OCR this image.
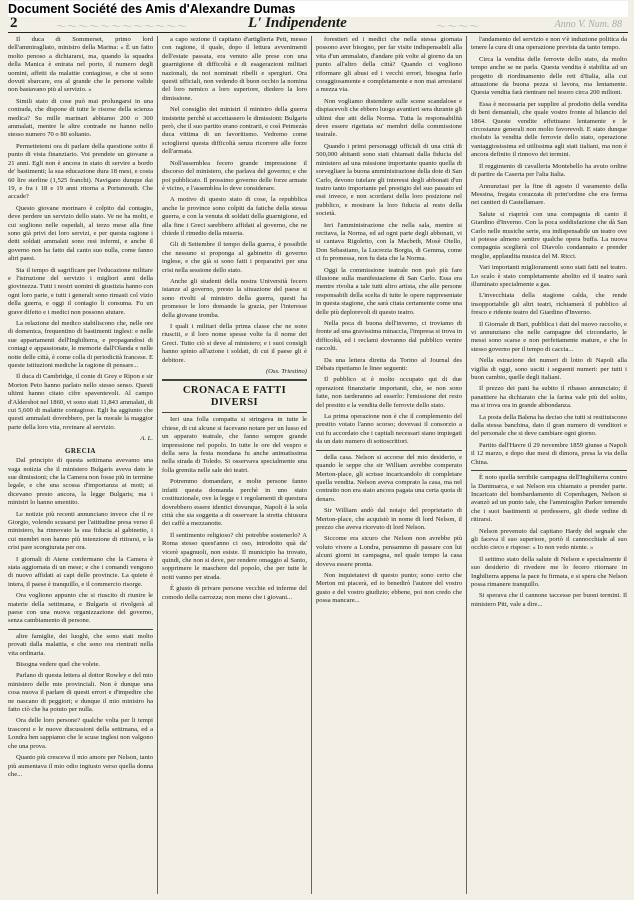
Document Société des Amis d'Alexandre Dumas
2	〜〜〜〜〜〜〜〜〜〜〜〜	L' Indipendente	〜〜〜〜	Anno V. Num. 88

Il duca di Sommerset, primo lord dell'ammiragliato, ministro della Marina: « È un fatto molto penoso a dichiararsi, ma, quando la squadra della Manica è entrata nel porto, il numero degli uomini, affetti da malattie contagiose, e che si sono dovuti sbarcare, era al grande che le persone valide non bastavano più al servizio. »

Simili stato di cose può mai prolungarsi in una contrada, che dispone di tutte le risorse della scienza medica? Su mille marinari abbiamo 200 o 300 ammalati, mentre le altre contrade ne hanno nello stesso numero 70 o 80 soltanto.

Permettetemi ora di parlare della questione sotto il punto di vista finanziario. Voi prendete un giovane a 21 anni. Egli non è ancora in stato di servire a bordo de' bastimenti; la sua educazione dura 18 mesi, e costa 60 lire sterline (1,525 franchi). Navigano dunque dai 19, e fra i 18 e 19 anni ritorna a Portsmouth. Che accade?

Questo giovane morinaro è colpito dal contagio, deve perdere un servizio dello stato. Ve ne ha molti, e cui sogliono nelle ospedali, al terzo mese alla fine sono già privi dei loro servizi, e per questa ragione i detti soldati ammalati sono resi infermi, e anche il governo non ha fatto dal canto suo nulla, come fanno altri paesi.

Sta il tempo di sagrificare per l'educazione militare e l'istruzione del servizio i migliori anni della giovinezza. Tutti i nostri uomini di giustizia hanno con ogni loro parte, e tutti i generali sono rimasti col vizio della guerra, e oggi il contagio li consuma. Fu un grave difetto e i medici non possono aiutare.

La relazione del medico stabiliscono che, nelle ore di domenica, frequentino di bastimenti inglesi: e nelle sue appartamenti dell'Inghilterra, e propagandosi di contagi e appassionate, le memorie dall'Olanda e nelle notte delle città, è come colla di periodicità francese. E queste istituzioni mediche la ragione di pensare...

Il duca di Cambridge, il conte di Grey e Ripon e sir Morton Peto hanno parlato nello stesso senso. Questi ultimi hanno citato cifre spaventevoli. Al campo d'Aldershot nel 1860, vi sono stati 11,843 ammalati, di cui 5,600 di malattie contagiose. Egli ha aggiunto che questi ammalati dovrebbero, per la morale la maggior parte della loro vita, rovinare al servizio.

A. L.
GRECIA

Dal principio di questa settimana avevamo una vaga notizia che il ministero Bulgaris aveva dato le sue dimissioni; che la Camera non fosse più in termine legale, e che una scossa d'importanza ai moti; si dicevano presto ancora, la legge Bulgaris; ma i ministri lo hanno smentito.

Le notizie più recenti annunciano invece che il re Giorgio, volendo scusarsi per l'attitudine presa verso il ministero, ha rinnovato la sua fiducia al gabinetto, i cui membri non hanno più intenzione di ritirarsi, e la crisi pare scongiurata per ora.

I giornali di Atene confermano che la Camera è stata aggiornata di un mese; e che i comandi vengono di nuovo affidati ai capi delle provincie. La quiete è intera, il paese è tranquillo, e il commercio risorge.

Ora vogliono appunto che si riuscito di riunire le materie della settimana, e Bulgaris si rivolgerà al paese con una nuova organizzazione del governo, senza cambiamento di persone.

altre famiglie, dei luoghi, che sono stati molto provati dalla malattia, e che sono ora rientrati nella vita ordinaria.

Bisogna vedere quel che volete.

Parlano di questa lettera al dottor Rowley e del mio ministero delle mie provinciali. Non è dunque una cosa nuova il parlare di questi errori e d'impedire che ne nascano di peggiori; e dunque il mio ministro ha fatto ciò che ha potuto per nulla.

Ora delle loro persone? qualche volta per li tempi trascorsi e le nuove discussioni della settimana, ed a Londra ben sappiamo che le scuse inglesi non valgono che una prova.

Quanto più cresceva il mio amore per Nelson, tanto più aumentava il mio odio ingiusto verso quella donna che...

a capo sezione il capitano d'artiglieria Pett, messo con ragione, il quale, dopo il lettura avvenimenti dell'estate passata, era venuto alle prese con una guarnigione di difficoltà e di esagerazioni militari nazionali, da noi nominati ribelli e spergiuri. Ora questi ufficiali, non vedendo di buon occhio la nomina del loro nemico a loro superiore, diedero la loro dimissione.

Nel consiglio dei ministri il ministro della guerra insistette perchè si accettassero le dimissioni: Bulgaris però, che il suo partito erano contrarii, e così Petmezàs duca vittima di un favoritismo. Vedremo come sciogliersi questa difficoltà senza ricorrere alle forze dell'armata.

Noll'assemblea fecero grande impressione il discorso del ministero, che parlava del governo; e che poi pubblicato. Il prossimo governo delle forze armate è vicino, e l'assemblea lo deve considerare.

A motivo di questo stato di cose, la repubblica anche le province sono colpiti da fatiche della stessa guerra, e con la venuta di soldati della guarnigione, ed alla fine i Greci sarebbero affidati al governo, che ne chiede il rimedio della miseria.

Gli di Settembre il tempo della guerra, è possibile che nessuno si proponga al gabinetto di governo inglese, e che già si sono fatti i preparativi per una crisi nella sessione dello stato.

Anche gli studenti della nostra Università fecero istanze al governo, presto la situazione del paese si sono rivolti al ministro della guerra, questi ha promesso le loro domande la grazia, per l'interesse della giovane tromba.

I quali i militari della prima classe che ne sono riusciti, e il loro nome spesse volte fa il nome dei Greci. Tutto ciò si deve al ministero; e i suoi consigli hanno spinto all'azione i soldati, di cui il paese gli è debitore.

(Oss. Triestino)
CRONACA E FATTI DIVERSI

Ieri una folla compatta si stringeva in tutte le chiese, di cui alcune si facevano notare per un lusso ed un apparato teatrale, che fanno sempre grande impressione nel popolo. In tutte le ore del vespro e della sera la festa mondana fu anche animatissima nella strada di Toledo. Si osservava specialmente una folla gremita nelle sale dei teatri.

Potremmo domandare, e molte persone fanno infatti questa domanda perchè in uno stato costituzionale, ove la legge e i regolamenti di questura dovrebbero essere identici dovunque, Napoli è la sola città che sia soggetta a di osservare la stretta chiusura dei caffè a mezzanotte.

Il sentimento religioso? chi potrebbe sostenerlo? A Roma stesso quest'anno ci oso, introdotto quà da' vicerè spagnuoli, non esiste. Il municipio ha trovato, quindi, che non si deve, per rendere omaggio al Santo, sopprimere le maschere del popolo, che per tutte le notti vanno per strada.

È giusto di privare persone vecchie ed inferme del comodo della carrozza; non meno che i giovani...

forestieri ed i medici che nella stessa giornata possono aver bisogno, per far visite indispensabili alla vita d'un ammalato, d'andare più volte al giorno da un punto all'altro della città? Quando ci vogliono riformare gli abusi ed i vecchi errori, bisogna farlo coraggiosamente e completamente e non mai arrestarsi a mezza via.

Non vogliamo distendere sulle scene scandalose e dispiacevoli che ebbero luogo avantieri sera durante gli ultimi due atti della Norma. Tutta la responsabilità deve essere rigettata su' membri della commissione teatrale.

Quando i primi personaggi ufficiali di una città di 500,000 abitanti sono stati chiamati dalla fiducia del ministero ad una missione importante quanto quella di sorvegliare la buona amministrazione della dote di San Carlo, devono tutelare gli interessi degli abbonati d'un teatro tanto importante pel prestigio del suo passato ed essi invece, e non scordarsi della loro posizione nel pubblico, e mostrare la loro fiducia al resto della società.

Ieri l'amministrazione che nella sala, mentre si recitava, la Norma, ed ad ogni parte degli abbonati, vi si cantava Rigoletto, con la Macbeth, Mosè Otello, Don Sebastiano, la Lucrezia Borgia, di Gemma, come ci fu promessa, non fu data che la Norma.

Oggi la commissione teatrale non può più fare illusione sulla manifestazione di San Carlo. Essa era mentre rivolta a tale tutti altro artista, che alle persone responsabili della scelta di tutte le opere rappresentate in questa stagione, che sarà citata certamente come una delle più deplorevoli di questo teatro.

Nella poca di buona dell'inverno, ci troviamo di fronte ad una gravissima minaccia, l'impresa si trova in difficoltà, ed i reclami dovranno dal pubblico venire raccolti.

Da una lettera diretta da Torino al Journal des Débats ripetiamo le linee seguenti:

Il pubblico si è molto occupato qui di due operazioni finanziarie importanti, che, se non sono fatte, non tarderanno ad esserlo: l'emissione dei resto del prestito e la vendita delle ferrovie dello stato.

La prima operazione non è che il complemento del prestito votato l'anno scorso; dovevasi il consorzio a cui fu accordato che i capitali necessari siano impiegati da un dato numero di sottoscrittori.

della casa. Nelson si accorse del mio desiderio, e quando le seppe che sir William avrebbe comperato Merton-place, gli scrisse incaricandolo di completare quella vendita. Nelson aveva comprato la casa, ma nel contratto non era stato ancora pagata una certa quota di denaro.

Sir William andò dal notajo del proprietario di Merton-place, che acquistò in nome di lord Nelson, il prezzo che aveva ricevuto di lord Nelson.

Siccome era sicuro che Nelson non avrebbe più voluto vivere a Londra, pensammo di passare con lui alcuni giorni in campagna, nel quale tempo la casa doveva essere pronta.

Non inquietatevi di questo punto; sono certo che Merton mi piacerà, ed io benedirò l'autore del vostro gusto e del vostro giudizio; ebbene, poi non credo che possa mancare...

l'andamento del servizio e non v'è induzione politica da tenere la cura di una operazione prevista da tanto tempo.

Circa la vendita delle ferrovie dello stato, da molto tempo anche se ne parla. Questa vendita è stabilita ad un progetto di riordinamento delle reti d'Italia, alla cui attuazione da buona pezza si lavora, ma lentamente. Questa vendita farà rientrare nel tesoro circa 200 milioni.

Essa è necessaria per supplire al prodotto della vendita di beni demaniali, che quale vostro fronte al bilancio del 1864. Queste vendite effettuano lentamente e le circostanze generali non molto favorevoli. E stato dunque risoluto la vendita delle ferrovie dello stato, operazione vantaggiosissima ed utilissima agli stati italiani, ma non è ancora definito il rinnovo dei termini.

Il reggimento di cavalleria Montebello ha avuto ordine di partire da Caserta per l'alta Italia.

Annunziasi per la fine di agosto il varamento della Messina, fregata corazzata di prim'ordine che era ferma nei cantieri di Castellamare.

Salute si riaprirà con una compagnia di canto il Giardino d'Inverno. Con la poca soddisfazione che dà San Carlo nelle musiche serie, era indispensabile un teatro ove si potesse almeno sentire qualche opera buffa. La nuova compagnia sceglierà col Diavolo condannato e prender moglie, applaudita musica del M. Ricci.

Vari importanti miglioramenti sono stati fatti nel teatro. Lo scalo è stato completamente abolito ed il teatro sarà illuminato specialmente a gas.

L'invecchiata della stagione calda, che rende insopportabile gli altri teatri, richiamerà il pubblico al fresco e ridente teatro del Giardino d'Inverno.

Il Giornale di Bari, pubblica i dati del nuovo raccolto, e vi annunziano che nelle campagne del circondario, le messi sono scarse e non perfettamente mature, e che lo stesso governo per il tempo di caccia...

Nella estrazione dei numeri di lotto di Napoli alla vigilia di oggi, sono usciti i seguenti numeri: per tutti i buon cambio, quelle degli italiani.

Il prezzo dei pani ha subito il ribasso annunciato; il panattiere ha dichiarato che la farina vale più del solito, ma si trova ora in grande abbondanza.

La posta della Balena ha deciso che tutti si restituiscono dalla stessa banchina, dato il gran numero di venditori e del personale che si deve cambiare ogni giorno.

Partito dall'Havre il 29 novembre 1859 giunse a Napoli il 12 marzo, e dopo due mesi di dimora, presa la via della China.

È noto quella terribile campagna dell'Inghilterra contro la Danimarca, e sai Nelson era chiamato a prender parte. Incaricato del bombardamento di Copenhagen, Nelson si avanzò ad un punto tale, che l'ammiraglio Parker temendo che i suoi bastimenti si perdessero, gli diede ordine di ritirarsi.

Nelson prevenuto dal capitano Hardy del segnale che gli faceva il suo superiore, portò il cannocchiale al suo occhio cieco e rispose: « Io non vedo niente. »

Il settimo stato della salute di Nelson e specialmente il suo desiderio di rivedere me lo fecero ritornare in Inghilterra appena la pace fu firmata, e si spera che Nelson possa rimanere tranquillo.

Si sperava che il cannone taccesse per buoni termini. Il ministero Pitt, vale a dire...
